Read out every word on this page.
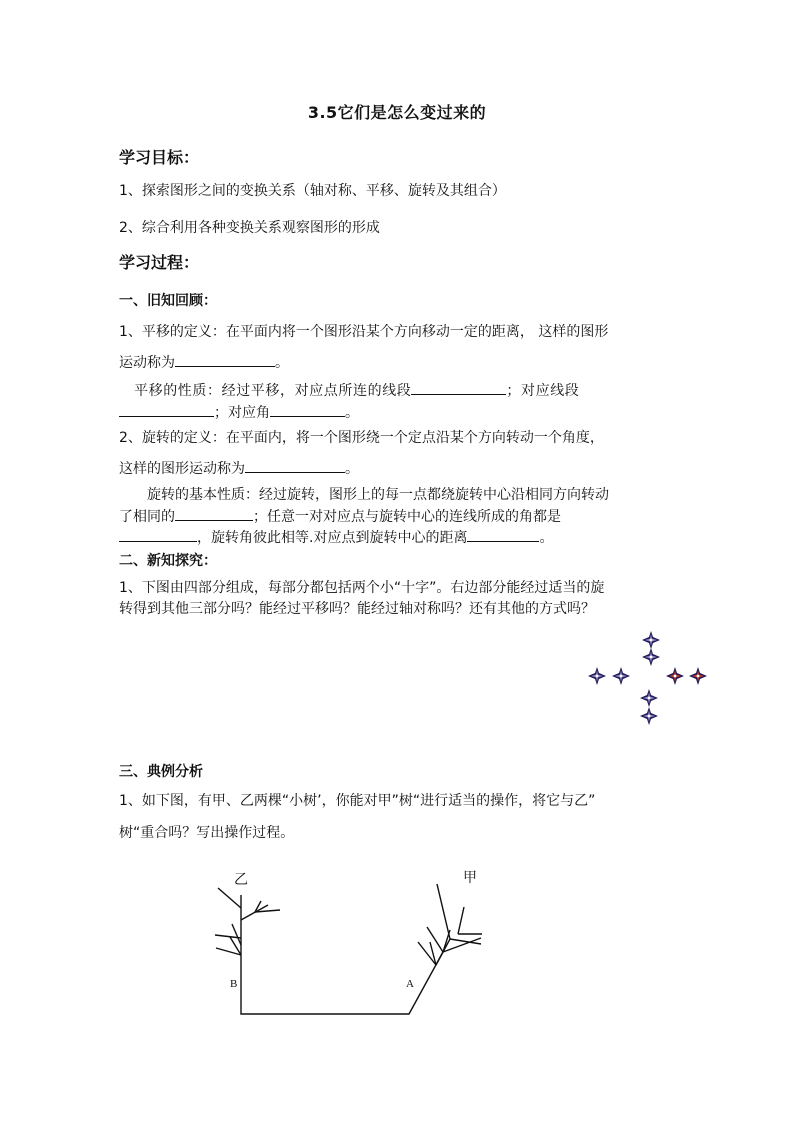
3.5它们是怎么变过来的
学习目标：
1、探索图形之间的变换关系（轴对称、平移、旋转及其组合）
2、综合利用各种变换关系观察图形的形成
学习过程：
一、旧知回顾：
1、平移的定义：在平面内将一个图形沿某个方向移动一定的距离， 这样的图形
运动称为	。
平移的性质：经过平移，对应点所连的线段	；对应线段
；对应角	。
2、旋转的定义：在平面内，将一个图形绕一个定点沿某个方向转动一个角度，
这样的图形运动称为	。
旋转的基本性质：经过旋转，图形上的每一点都绕旋转中心沿相同方向转动
了相同的	；任意一对对应点与旋转中心的连线所成的角都是
，旋转角彼此相等.对应点到旋转中心的距离	。
二、新知探究：
1、下图由四部分组成，每部分都包括两个小“十字”。右边部分能经过适当的旋
转得到其他三部分吗？能经过平移吗？能经过轴对称吗？还有其他的方式吗？
三、典例分析
1、如下图，有甲、乙两棵“小树’，你能对甲”树“进行适当的操作，将它与乙”
树“重合吗？写出操作过程。
乙	甲
B	A
